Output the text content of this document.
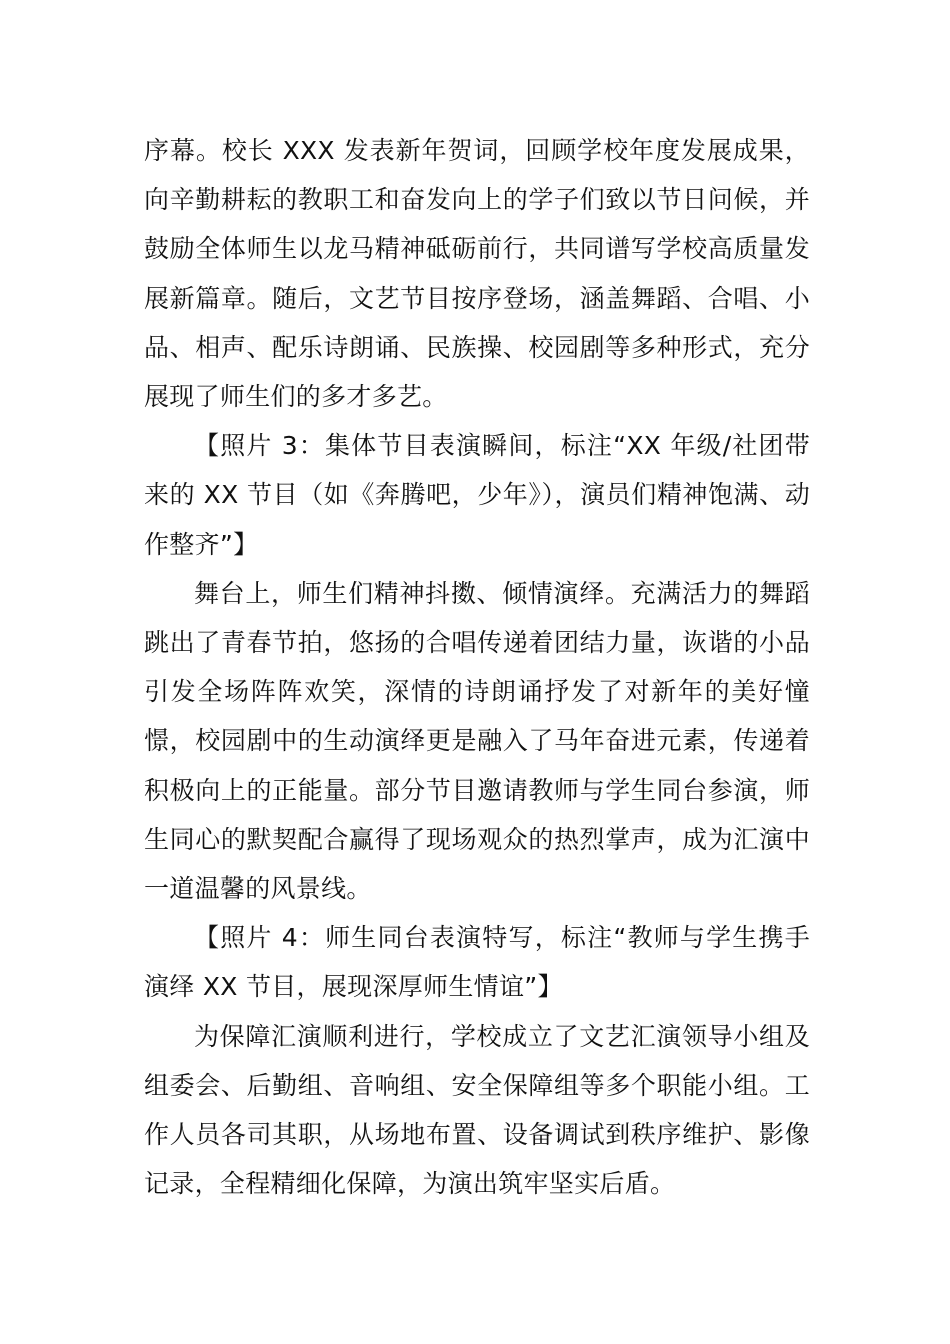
序幕。校长 XXX 发表新年贺词，回顾学校年度发展成果，向辛勤耕耘的教职工和奋发向上的学子们致以节日问候，并鼓励全体师生以龙马精神砥砺前行，共同谱写学校高质量发展新篇章。随后，文艺节目按序登场，涵盖舞蹈、合唱、小品、相声、配乐诗朗诵、民族操、校园剧等多种形式，充分展现了师生们的多才多艺。

【照片 3：集体节目表演瞬间，标注“XX 年级/社团带来的 XX 节目（如《奔腾吧，少年》），演员们精神饱满、动作整齐”】

舞台上，师生们精神抖擞、倾情演绎。充满活力的舞蹈跳出了青春节拍，悠扬的合唱传递着团结力量，诙谐的小品引发全场阵阵欢笑，深情的诗朗诵抒发了对新年的美好憧憬，校园剧中的生动演绎更是融入了马年奋进元素，传递着积极向上的正能量。部分节目邀请教师与学生同台参演，师生同心的默契配合赢得了现场观众的热烈掌声，成为汇演中一道温馨的风景线。

【照片 4：师生同台表演特写，标注“教师与学生携手演绎 XX 节目，展现深厚师生情谊”】

为保障汇演顺利进行，学校成立了文艺汇演领导小组及组委会、后勤组、音响组、安全保障组等多个职能小组。工作人员各司其职，从场地布置、设备调试到秩序维护、影像记录，全程精细化保障，为演出筑牢坚实后盾。
